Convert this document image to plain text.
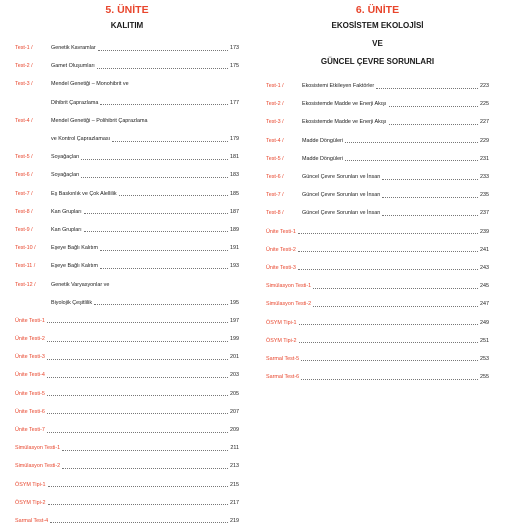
5. ÜNİTE
KALITIM
Test-1 /	Genetik Kavramlar	173
Test-2 /	Gamet Oluşumları	175
Test-3 /	Mendel Genetiği – Monohibrit ve
Dihibrit Çaprazlama	177
Test-4 /	Mendel Genetiği – Polihibrit Çaprazlama
ve Kontrol Çaprazlaması	179
Test-5 /	Soyağaçları	181
Test-6 /	Soyağaçları	183
Test-7 /	Eş Baskınlık ve Çok Alellilik	185
Test-8 /	Kan Grupları	187
Test-9 /	Kan Grupları	189
Test-10 /	Eşeye Bağlı Kalıtım	191
Test-11 /	Eşeye Bağlı Kalıtım	193
Test-12 /	Genetik Varyasyonlar ve
Biyolojik Çeşitlilik	195
Ünite Testi-1	197
Ünite Testi-2	199
Ünite Testi-3	201
Ünite Testi-4	203
Ünite Testi-5	205
Ünite Testi-6	207
Ünite Testi-7	209
Simülasyon Testi-1	211
Simülasyon Testi-2	213
ÖSYM Tipi-1	215
ÖSYM Tipi-2	217
Sarmal Test-4	219
6. ÜNİTE
EKOSİSTEM EKOLOJİSİ
VE
GÜNCEL ÇEVRE SORUNLARI
Test-1 /	Ekosistemi Etkileyen Faktörler	223
Test-2 /	Ekosistemde Madde ve Enerji Akışı	225
Test-3 /	Ekosistemde Madde ve Enerji Akışı	227
Test-4 /	Madde Döngüleri	229
Test-5 /	Madde Döngüleri	231
Test-6 /	Güncel Çevre Sorunları ve İnsan	233
Test-7 /	Güncel Çevre Sorunları ve İnsan	235
Test-8 /	Güncel Çevre Sorunları ve İnsan	237
Ünite Testi-1	239
Ünite Testi-2	241
Ünite Testi-3	243
Simülasyon Testi-1	245
Simülasyon Testi-2	247
ÖSYM Tipi-1	249
ÖSYM Tipi-2	251
Sarmal Test-5	253
Sarmal Test-6	255
